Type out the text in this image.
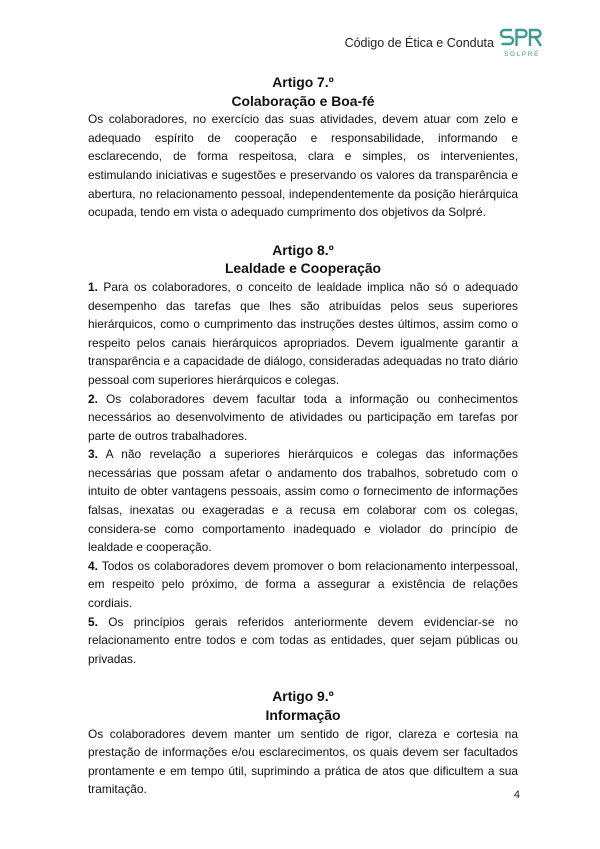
Código de Ética e Conduta
SOLPRÉ
Artigo 7.º
Colaboração e Boa-fé

Os colaboradores, no exercício das suas atividades, devem atuar com zelo e adequado espírito de cooperação e responsabilidade, informando e esclarecendo, de forma respeitosa, clara e simples, os intervenientes, estimulando iniciativas e sugestões e preservando os valores da transparência e abertura, no relacionamento pessoal, independentemente da posição hierárquica ocupada, tendo em vista o adequado cumprimento dos objetivos da Solpré.

Artigo 8.º
Lealdade e Cooperação

1. Para os colaboradores, o conceito de lealdade implica não só o adequado desempenho das tarefas que lhes são atribuídas pelos seus superiores hierárquicos, como o cumprimento das instruções destes últimos, assim como o respeito pelos canais hierárquicos apropriados. Devem igualmente garantir a transparência e a capacidade de diálogo, consideradas adequadas no trato diário pessoal com superiores hierárquicos e colegas.

2. Os colaboradores devem facultar toda a informação ou conhecimentos necessários ao desenvolvimento de atividades ou participação em tarefas por parte de outros trabalhadores.

3. A não revelação a superiores hierárquicos e colegas das informações necessárias que possam afetar o andamento dos trabalhos, sobretudo com o intuito de obter vantagens pessoais, assim como o fornecimento de informações falsas, inexatas ou exageradas e a recusa em colaborar com os colegas, considera-se como comportamento inadequado e violador do princípio de lealdade e cooperação.

4. Todos os colaboradores devem promover o bom relacionamento interpessoal, em respeito pelo próximo, de forma a assegurar a existência de relações cordiais.

5. Os princípios gerais referidos anteriormente devem evidenciar-se no relacionamento entre todos e com todas as entidades, quer sejam públicas ou privadas.

Artigo 9.º
Informação

Os colaboradores devem manter um sentido de rigor, clareza e cortesia na prestação de informações e/ou esclarecimentos, os quais devem ser facultados prontamente e em tempo útil, suprimindo a prática de atos que dificultem a sua tramitação.	4
